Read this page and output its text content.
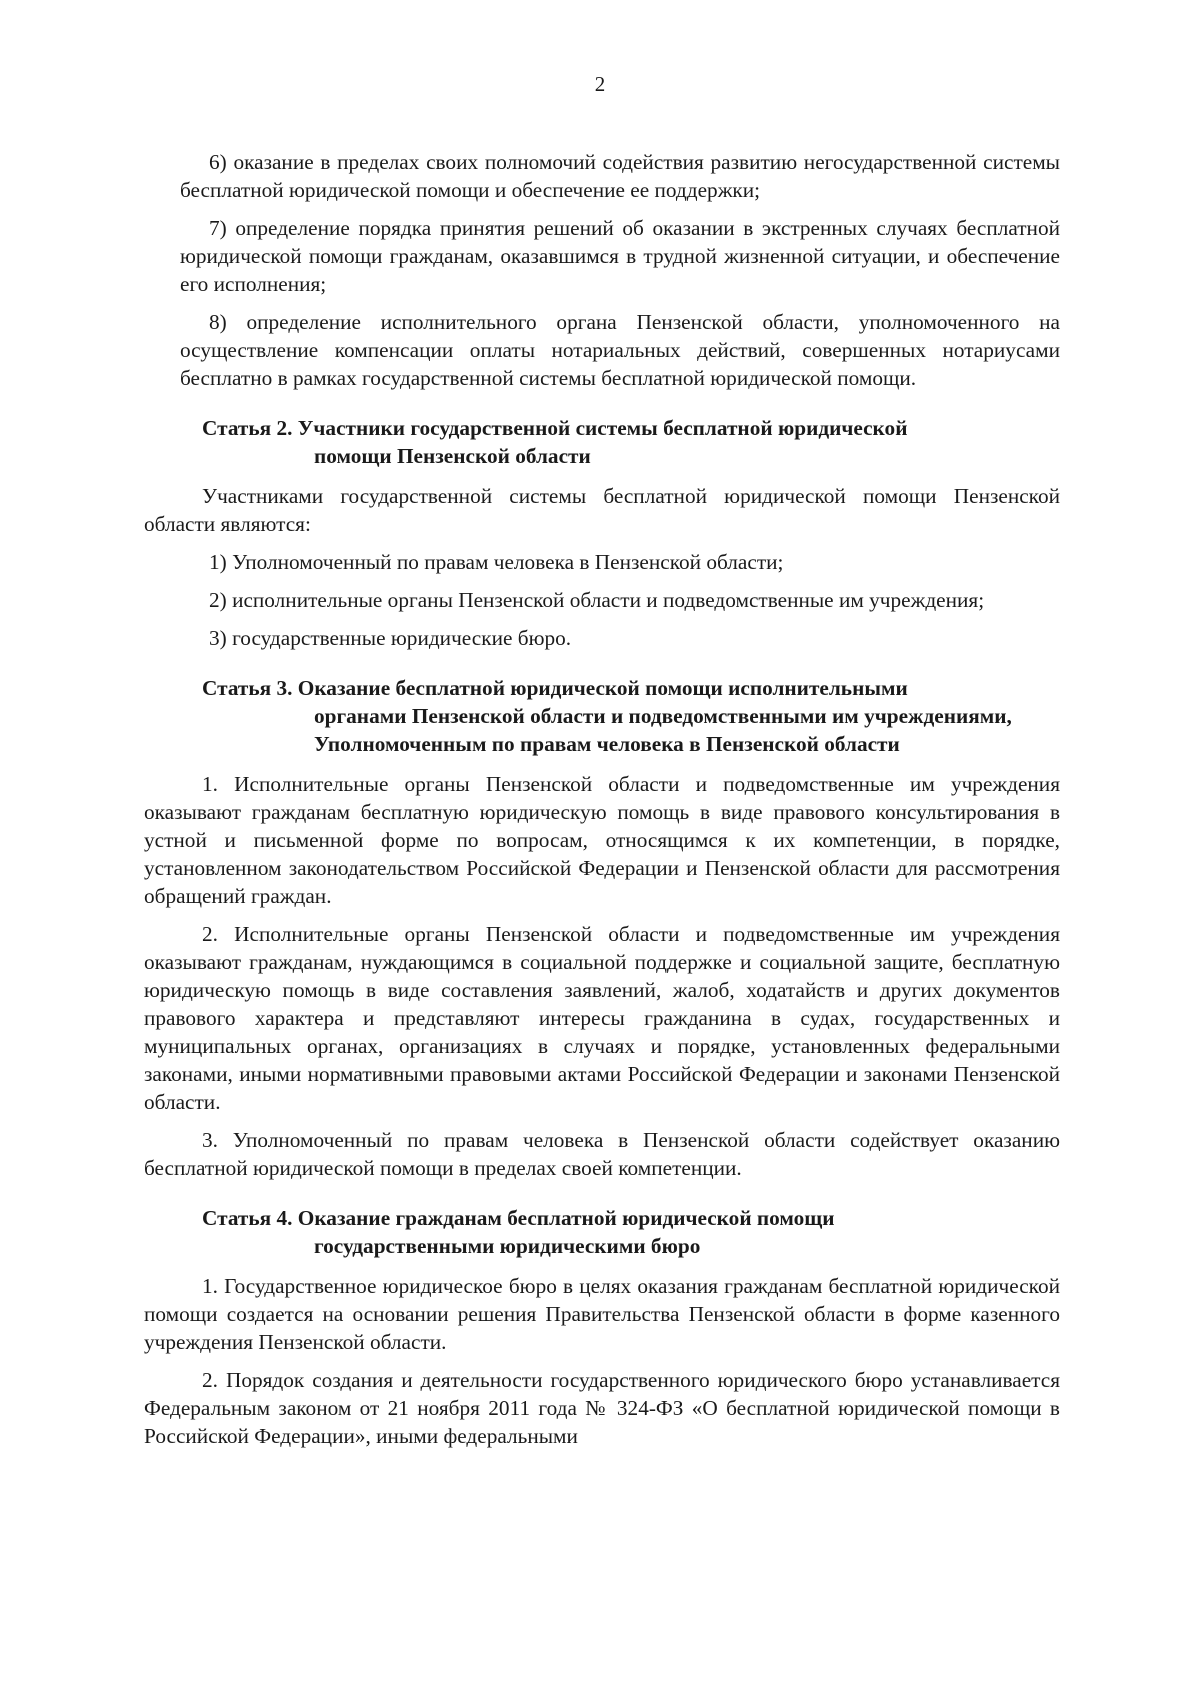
2

6) оказание в пределах своих полномочий содействия развитию негосударственной системы бесплатной юридической помощи и обеспечение ее поддержки;

7) определение порядка принятия решений об оказании в экстренных случаях бесплатной юридической помощи гражданам, оказавшимся в трудной жизненной ситуации, и обеспечение его исполнения;

8) определение исполнительного органа Пензенской области, уполномоченного на осуществление компенсации оплаты нотариальных действий, совершенных нотариусами бесплатно в рамках государственной системы бесплатной юридической помощи.

Статья 2. Участники государственной системы бесплатной юридической
помощи Пензенской области

Участниками государственной системы бесплатной юридической помощи Пензенской области являются:

1) Уполномоченный по правам человека в Пензенской области;

2) исполнительные органы Пензенской области и подведомственные им учреждения;

3) государственные юридические бюро.

Статья 3. Оказание бесплатной юридической помощи исполнительными
органами Пензенской области и подведомственными им учреждениями, Уполномоченным по правам человека в Пензенской области

1. Исполнительные органы Пензенской области и подведомственные им учреждения оказывают гражданам бесплатную юридическую помощь в виде правового консультирования в устной и письменной форме по вопросам, относящимся к их компетенции, в порядке, установленном законодательством Российской Федерации и Пензенской области для рассмотрения обращений граждан.

2. Исполнительные органы Пензенской области и подведомственные им учреждения оказывают гражданам, нуждающимся в социальной поддержке и социальной защите, бесплатную юридическую помощь в виде составления заявлений, жалоб, ходатайств и других документов правового характера и представляют интересы гражданина в судах, государственных и муниципальных органах, организациях в случаях и порядке, установленных федеральными законами, иными нормативными правовыми актами Российской Федерации и законами Пензенской области.

3. Уполномоченный по правам человека в Пензенской области содействует оказанию бесплатной юридической помощи в пределах своей компетенции.

Статья 4. Оказание гражданам бесплатной юридической помощи
государственными юридическими бюро

1. Государственное юридическое бюро в целях оказания гражданам бесплатной юридической помощи создается на основании решения Правительства Пензенской области в форме казенного учреждения Пензенской области.

2. Порядок создания и деятельности государственного юридического бюро устанавливается Федеральным законом от 21 ноября 2011 года № 324-ФЗ «О бесплатной юридической помощи в Российской Федерации», иными федеральными
